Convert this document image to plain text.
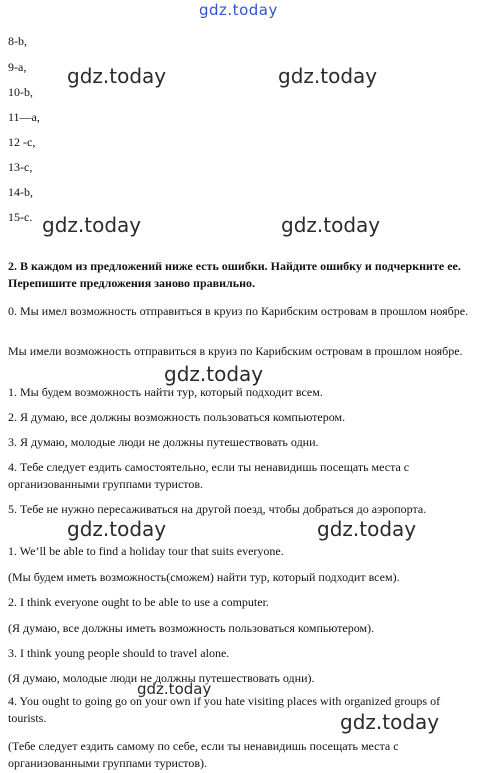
gdz.today
gdz.today	gdz.today
gdz.today	gdz.today
gdz.today
gdz.today	gdz.today
gdz.today
gdz.today
8-b,
9-a,
10-b,
11—a,
12 -c,
13-c,
14-b,
15-c.
2. В каждом из предложений ниже есть ошибки. Найдите ошибку и подчеркните ее. Перепишите предложения заново правильно.
0. Мы имел возможность отправиться в круиз по Карибским островам в прошлом ноябре.
Мы имели возможность отправиться в круиз по Карибским островам в прошлом ноябре.
1. Мы будем возможность найти тур, который подходит всем.
2. Я думаю, все должны возможность пользоваться компьютером.
3. Я думаю, молодые люди не должны путешествовать одни.
4. Тебе следует ездить самостоятельно, если ты ненавидишь посещать места с организованными группами туристов.
5. Тебе не нужно пересаживаться на другой поезд, чтобы добраться до аэропорта.
1. We’ll be able to find a holiday tour that suits everyone.
(Мы будем иметь возможность(сможем) найти тур, который подходит всем).
2. I think everyone ought to be able to use a computer.
(Я думаю, все должны иметь возможность пользоваться компьютером).
3. I think young people should to travel alone.
(Я думаю, молодые люди не должны путешествовать одни).
4. You ought to going go on your own if you hate visiting places with organized groups of tourists.
(Тебе следует ездить самому по себе, если ты ненавидишь посещать места с организованными группами туристов).
